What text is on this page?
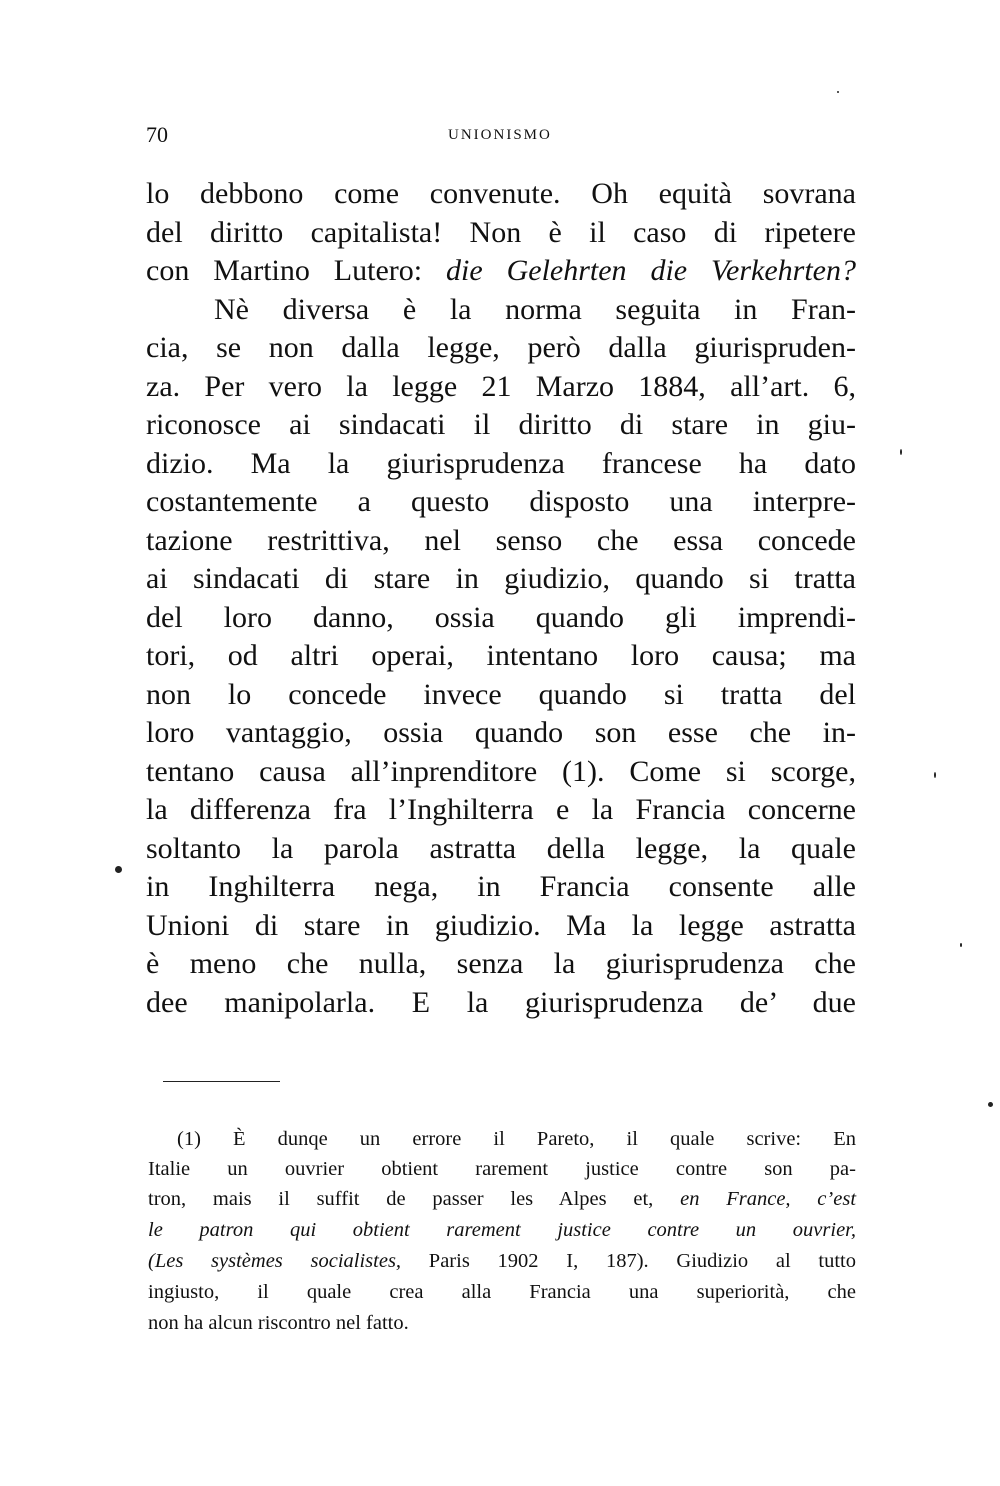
70	UNIONISMO
lo debbono come convenute. Oh equità sovrana
del diritto capitalista! Non è il caso di ripetere
con Martino Lutero: die Gelehrten die Verkehrten?
Nè diversa è la norma seguita in Fran-
cia, se non dalla legge, però dalla giurispruden-
za. Per vero la legge 21 Marzo 1884, all’art. 6,
riconosce ai sindacati il diritto di stare in giu-
dizio. Ma la giurisprudenza francese ha dato
costantemente a questo disposto una interpre-
tazione restrittiva, nel senso che essa concede
ai sindacati di stare in giudizio, quando si tratta
del loro danno, ossia quando gli imprendi-
tori, od altri operai, intentano loro causa; ma
non lo concede invece quando si tratta del
loro vantaggio, ossia quando son esse che in-
tentano causa all’inprenditore (1). Come si scorge,
la differenza fra l’Inghilterra e la Francia concerne
soltanto la parola astratta della legge, la quale
in Inghilterra nega, in Francia consente alle
Unioni di stare in giudizio. Ma la legge astratta
è meno che nulla, senza la giurisprudenza che
dee manipolarla. E la giurisprudenza de’ due
(1) È dunqe un errore il Pareto, il quale scrive: En
Italie un ouvrier obtient rarement justice contre son pa-
tron, mais il suffit de passer les Alpes et, en France, c’est
le patron qui obtient rarement justice contre un ouvrier,
(Les systèmes socialistes, Paris 1902 I, 187). Giudizio al tutto
ingiusto, il quale crea alla Francia una superiorità, che
non ha alcun riscontro nel fatto.
